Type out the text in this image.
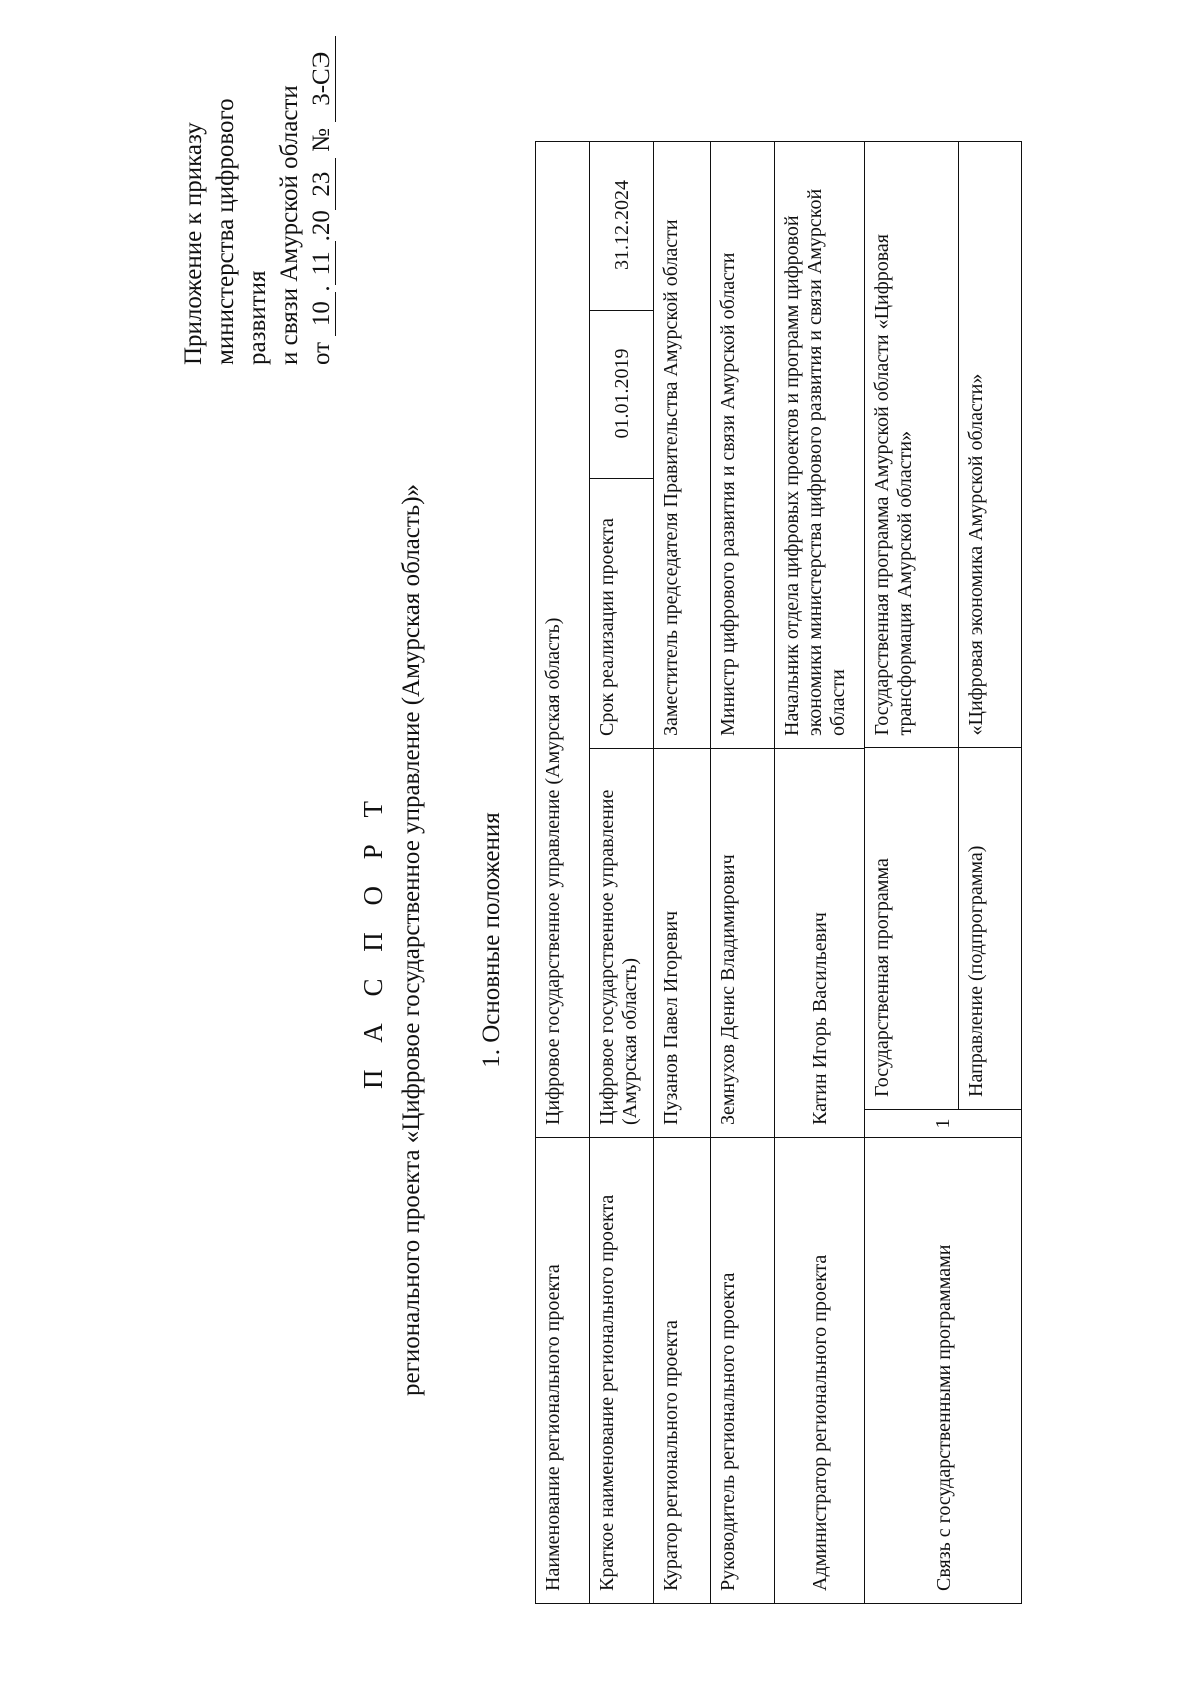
Приложение к приказу министерства цифрового развития и связи Амурской области от 10.11.2023 № 3-СЭ
П А С П О Р Т регионального проекта «Цифровое государственное управление (Амурская область)» 1. Основные положения
Наименование регионального проекта	Цифровое государственное управление (Амурская область)
Краткое наименование регионального проекта	Цифровое государственное управление (Амурская область)	Срок реализации проекта	01.01.2019	31.12.2024
Куратор регионального проекта	Пузанов Павел Игоревич	Заместитель председателя Правительства Амурской области
Руководитель регионального проекта	Земнухов Денис Владимирович	Министр цифрового развития и связи Амурской области
Администратор регионального проекта	Катин Игорь Васильевич	Начальник отдела цифровых проектов и программ цифровой экономики министерства цифрового развития и связи Амурской области
Связь с государственными программами	1	
Государственная программа	Государственная программа Амурской области «Цифровая трансформация Амурской области»
Направление (подпрограмма)	«Цифровая экономика Амурской области»
